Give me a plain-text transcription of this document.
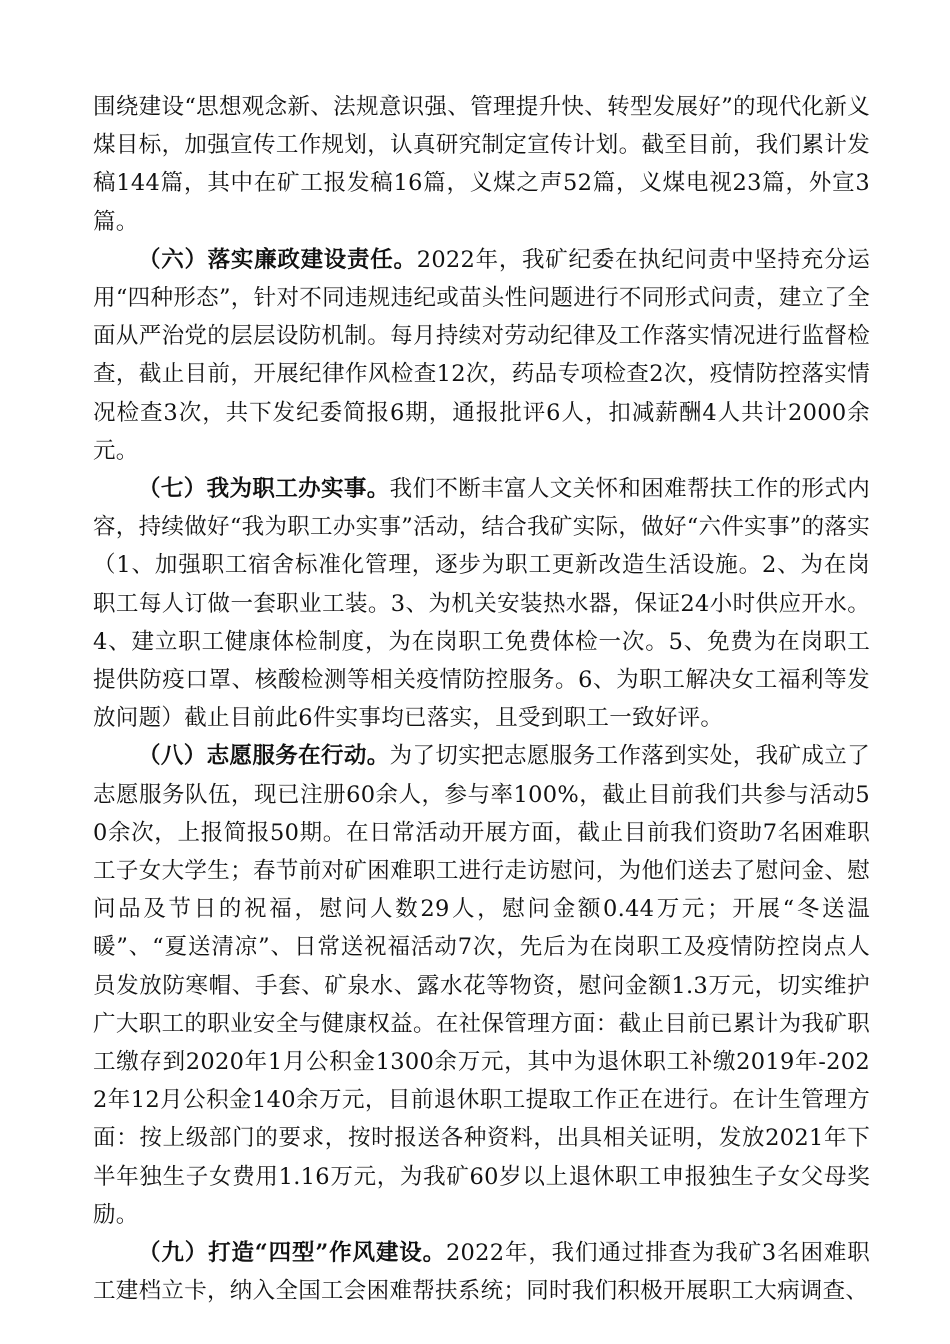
围绕建设“思想观念新、法规意识强、管理提升快、转型发展好”的现代化新义煤目标，加强宣传工作规划，认真研究制定宣传计划。截至目前，我们累计发稿144篇，其中在矿工报发稿16篇，义煤之声52篇，义煤电视23篇，外宣3篇。

（六）落实廉政建设责任。2022年，我矿纪委在执纪问责中坚持充分运用“四种形态”，针对不同违规违纪或苗头性问题进行不同形式问责，建立了全面从严治党的层层设防机制。每月持续对劳动纪律及工作落实情况进行监督检查，截止目前，开展纪律作风检查12次，药品专项检查2次，疫情防控落实情况检查3次，共下发纪委简报6期，通报批评6人，扣减薪酬4人共计2000余元。

（七）我为职工办实事。我们不断丰富人文关怀和困难帮扶工作的形式内容，持续做好“我为职工办实事”活动，结合我矿实际，做好“六件实事”的落实（1、加强职工宿舍标准化管理，逐步为职工更新改造生活设施。2、为在岗职工每人订做一套职业工装。3、为机关安装热水器，保证24小时供应开水。4、建立职工健康体检制度，为在岗职工免费体检一次。5、免费为在岗职工提供防疫口罩、核酸检测等相关疫情防控服务。6、为职工解决女工福利等发放问题）截止目前此6件实事均已落实，且受到职工一致好评。

（八）志愿服务在行动。为了切实把志愿服务工作落到实处，我矿成立了志愿服务队伍，现已注册60余人，参与率100%，截止目前我们共参与活动50余次，上报简报50期。在日常活动开展方面，截止目前我们资助7名困难职工子女大学生；春节前对矿困难职工进行走访慰问，为他们送去了慰问金、慰问品及节日的祝福，慰问人数29人，慰问金额0.44万元；开展“冬送温暖”、“夏送清凉”、日常送祝福活动7次，先后为在岗职工及疫情防控岗点人员发放防寒帽、手套、矿泉水、露水花等物资，慰问金额1.3万元，切实维护广大职工的职业安全与健康权益。在社保管理方面：截止目前已累计为我矿职工缴存到2020年1月公积金1300余万元，其中为退休职工补缴2019年-2022年12月公积金140余万元，目前退休职工提取工作正在进行。在计生管理方面：按上级部门的要求，按时报送各种资料，出具相关证明，发放2021年下半年独生子女费用1.16万元，为我矿60岁以上退休职工申报独生子女父母奖励。

（九）打造“四型”作风建设。2022年，我们通过排查为我矿3名困难职工建档立卡，纳入全国工会困难帮扶系统；同时我们积极开展职工大病调查、
